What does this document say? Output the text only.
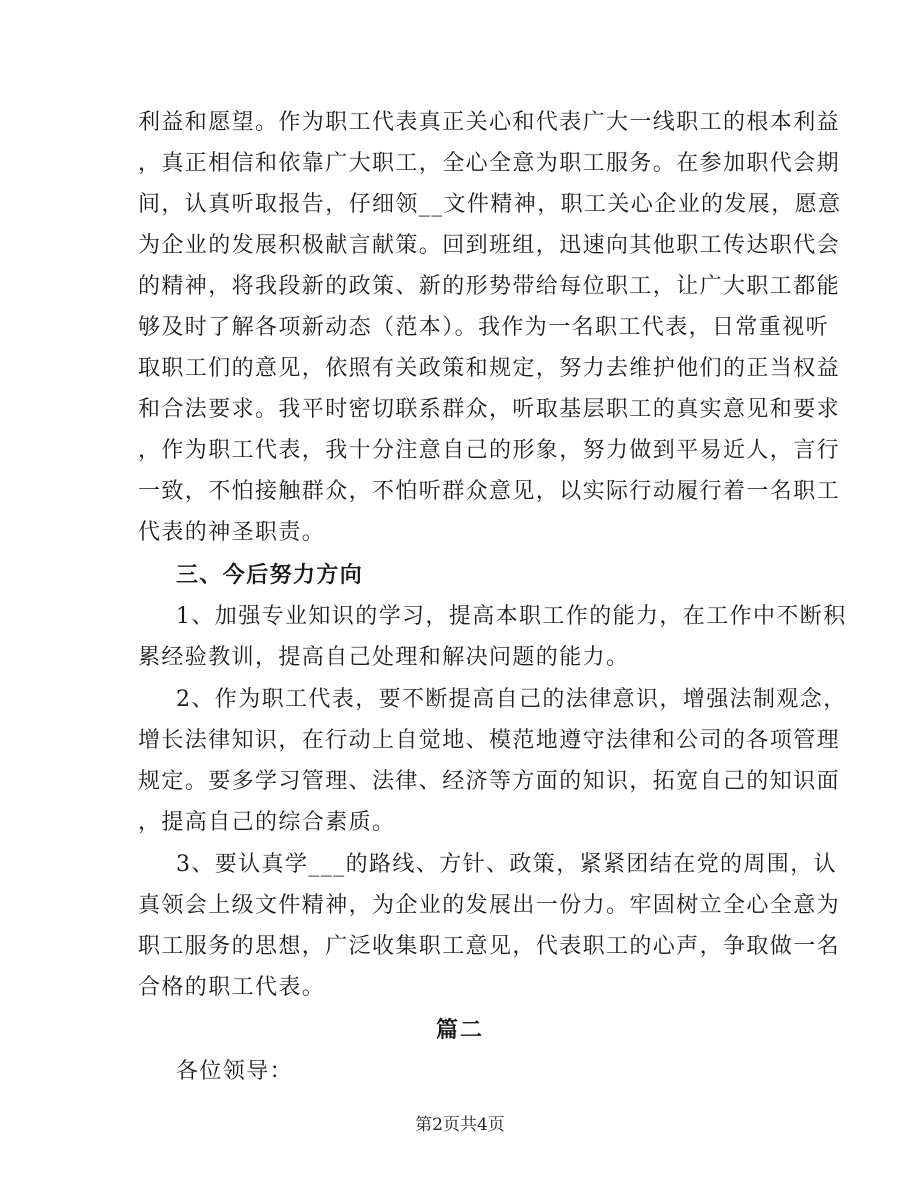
利益和愿望。作为职工代表真正关心和代表广大一线职工的根本利益
，真正相信和依靠广大职工，全心全意为职工服务。在参加职代会期
间，认真听取报告，仔细领__文件精神，职工关心企业的发展，愿意
为企业的发展积极献言献策。回到班组，迅速向其他职工传达职代会
的精神，将我段新的政策、新的形势带给每位职工，让广大职工都能
够及时了解各项新动态（范本）。我作为一名职工代表，日常重视听
取职工们的意见，依照有关政策和规定，努力去维护他们的正当权益
和合法要求。我平时密切联系群众，听取基层职工的真实意见和要求
，作为职工代表，我十分注意自己的形象，努力做到平易近人，言行
一致，不怕接触群众，不怕听群众意见，以实际行动履行着一名职工
代表的神圣职责。
三、今后努力方向
1、加强专业知识的学习，提高本职工作的能力，在工作中不断积
累经验教训，提高自己处理和解决问题的能力。
2、作为职工代表，要不断提高自己的法律意识，增强法制观念，
增长法律知识，在行动上自觉地、模范地遵守法律和公司的各项管理
规定。要多学习管理、法律、经济等方面的知识，拓宽自己的知识面
，提高自己的综合素质。
3、要认真学___的路线、方针、政策，紧紧团结在党的周围，认
真领会上级文件精神，为企业的发展出一份力。牢固树立全心全意为
职工服务的思想，广泛收集职工意见，代表职工的心声，争取做一名
合格的职工代表。
篇二
各位领导：
第2页共4页
